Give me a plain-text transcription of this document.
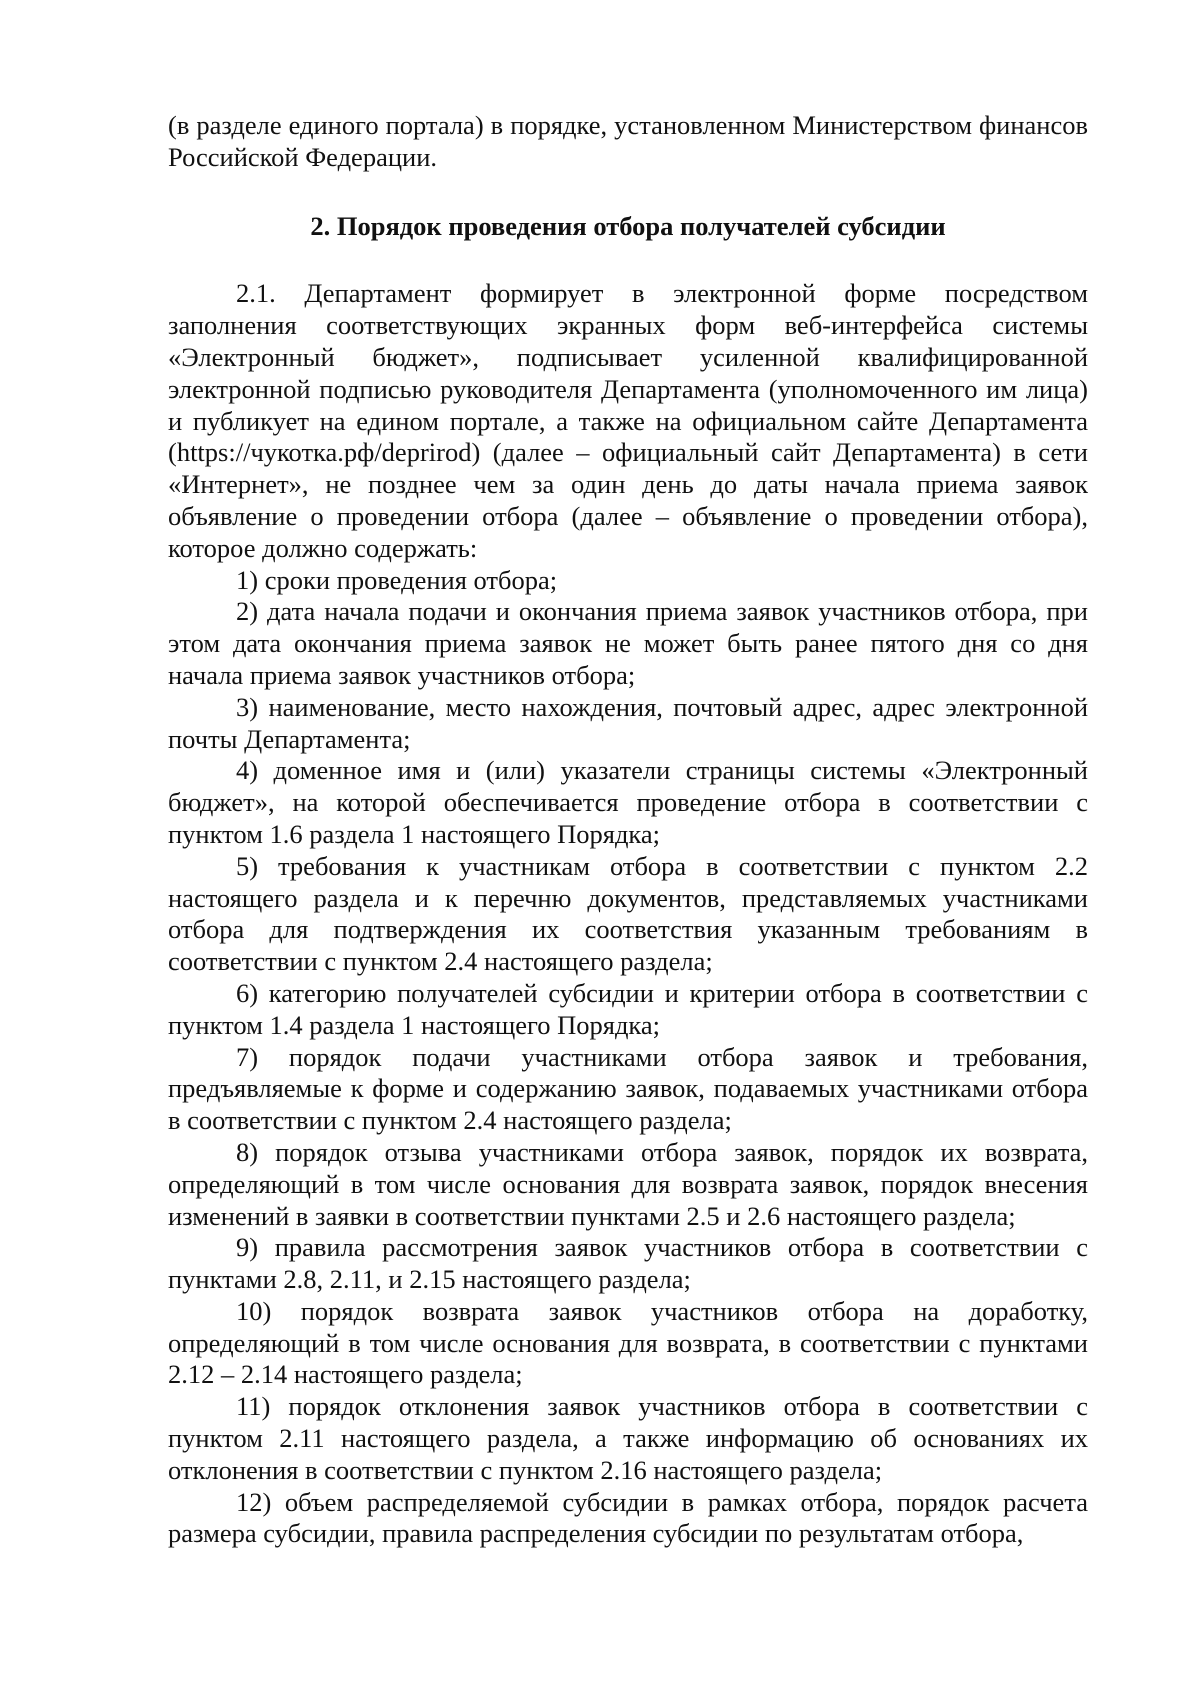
(в разделе единого портала) в порядке, установленном Министерством финансов Российской Федерации.

2. Порядок проведения отбора получателей субсидии

2.1. Департамент формирует в электронной форме посредством заполнения соответствующих экранных форм веб-интерфейса системы «Электронный бюджет», подписывает усиленной квалифицированной электронной подписью руководителя Департамента (уполномоченного им лица) и публикует на едином портале, а также на официальном сайте Департамента (https://чукотка.рф/deprirod) (далее – официальный сайт Департамента) в сети «Интернет», не позднее чем за один день до даты начала приема заявок объявление о проведении отбора (далее – объявление о проведении отбора), которое должно содержать:

1) сроки проведения отбора;

2) дата начала подачи и окончания приема заявок участников отбора, при этом дата окончания приема заявок не может быть ранее пятого дня со дня начала приема заявок участников отбора;

3) наименование, место нахождения, почтовый адрес, адрес электронной почты Департамента;

4) доменное имя и (или) указатели страницы системы «Электронный бюджет», на которой обеспечивается проведение отбора в соответствии с пунктом 1.6 раздела 1 настоящего Порядка;

5) требования к участникам отбора в соответствии с пунктом 2.2 настоящего раздела и к перечню документов, представляемых участниками отбора для подтверждения их соответствия указанным требованиям в соответствии с пунктом 2.4 настоящего раздела;

6) категорию получателей субсидии и критерии отбора в соответствии с пунктом 1.4 раздела 1 настоящего Порядка;

7) порядок подачи участниками отбора заявок и требования, предъявляемые к форме и содержанию заявок, подаваемых участниками отбора в соответствии с пунктом 2.4 настоящего раздела;

8) порядок отзыва участниками отбора заявок, порядок их возврата, определяющий в том числе основания для возврата заявок, порядок внесения изменений в заявки в соответствии пунктами 2.5 и 2.6 настоящего раздела;

9) правила рассмотрения заявок участников отбора в соответствии с пунктами 2.8, 2.11, и 2.15 настоящего раздела;

10) порядок возврата заявок участников отбора на доработку, определяющий в том числе основания для возврата, в соответствии с пунктами 2.12 – 2.14 настоящего раздела;

11) порядок отклонения заявок участников отбора в соответствии с пунктом 2.11 настоящего раздела, а также информацию об основаниях их отклонения в соответствии с пунктом 2.16 настоящего раздела;

12) объем распределяемой субсидии в рамках отбора, порядок расчета размера субсидии, правила распределения субсидии по результатам отбора,
